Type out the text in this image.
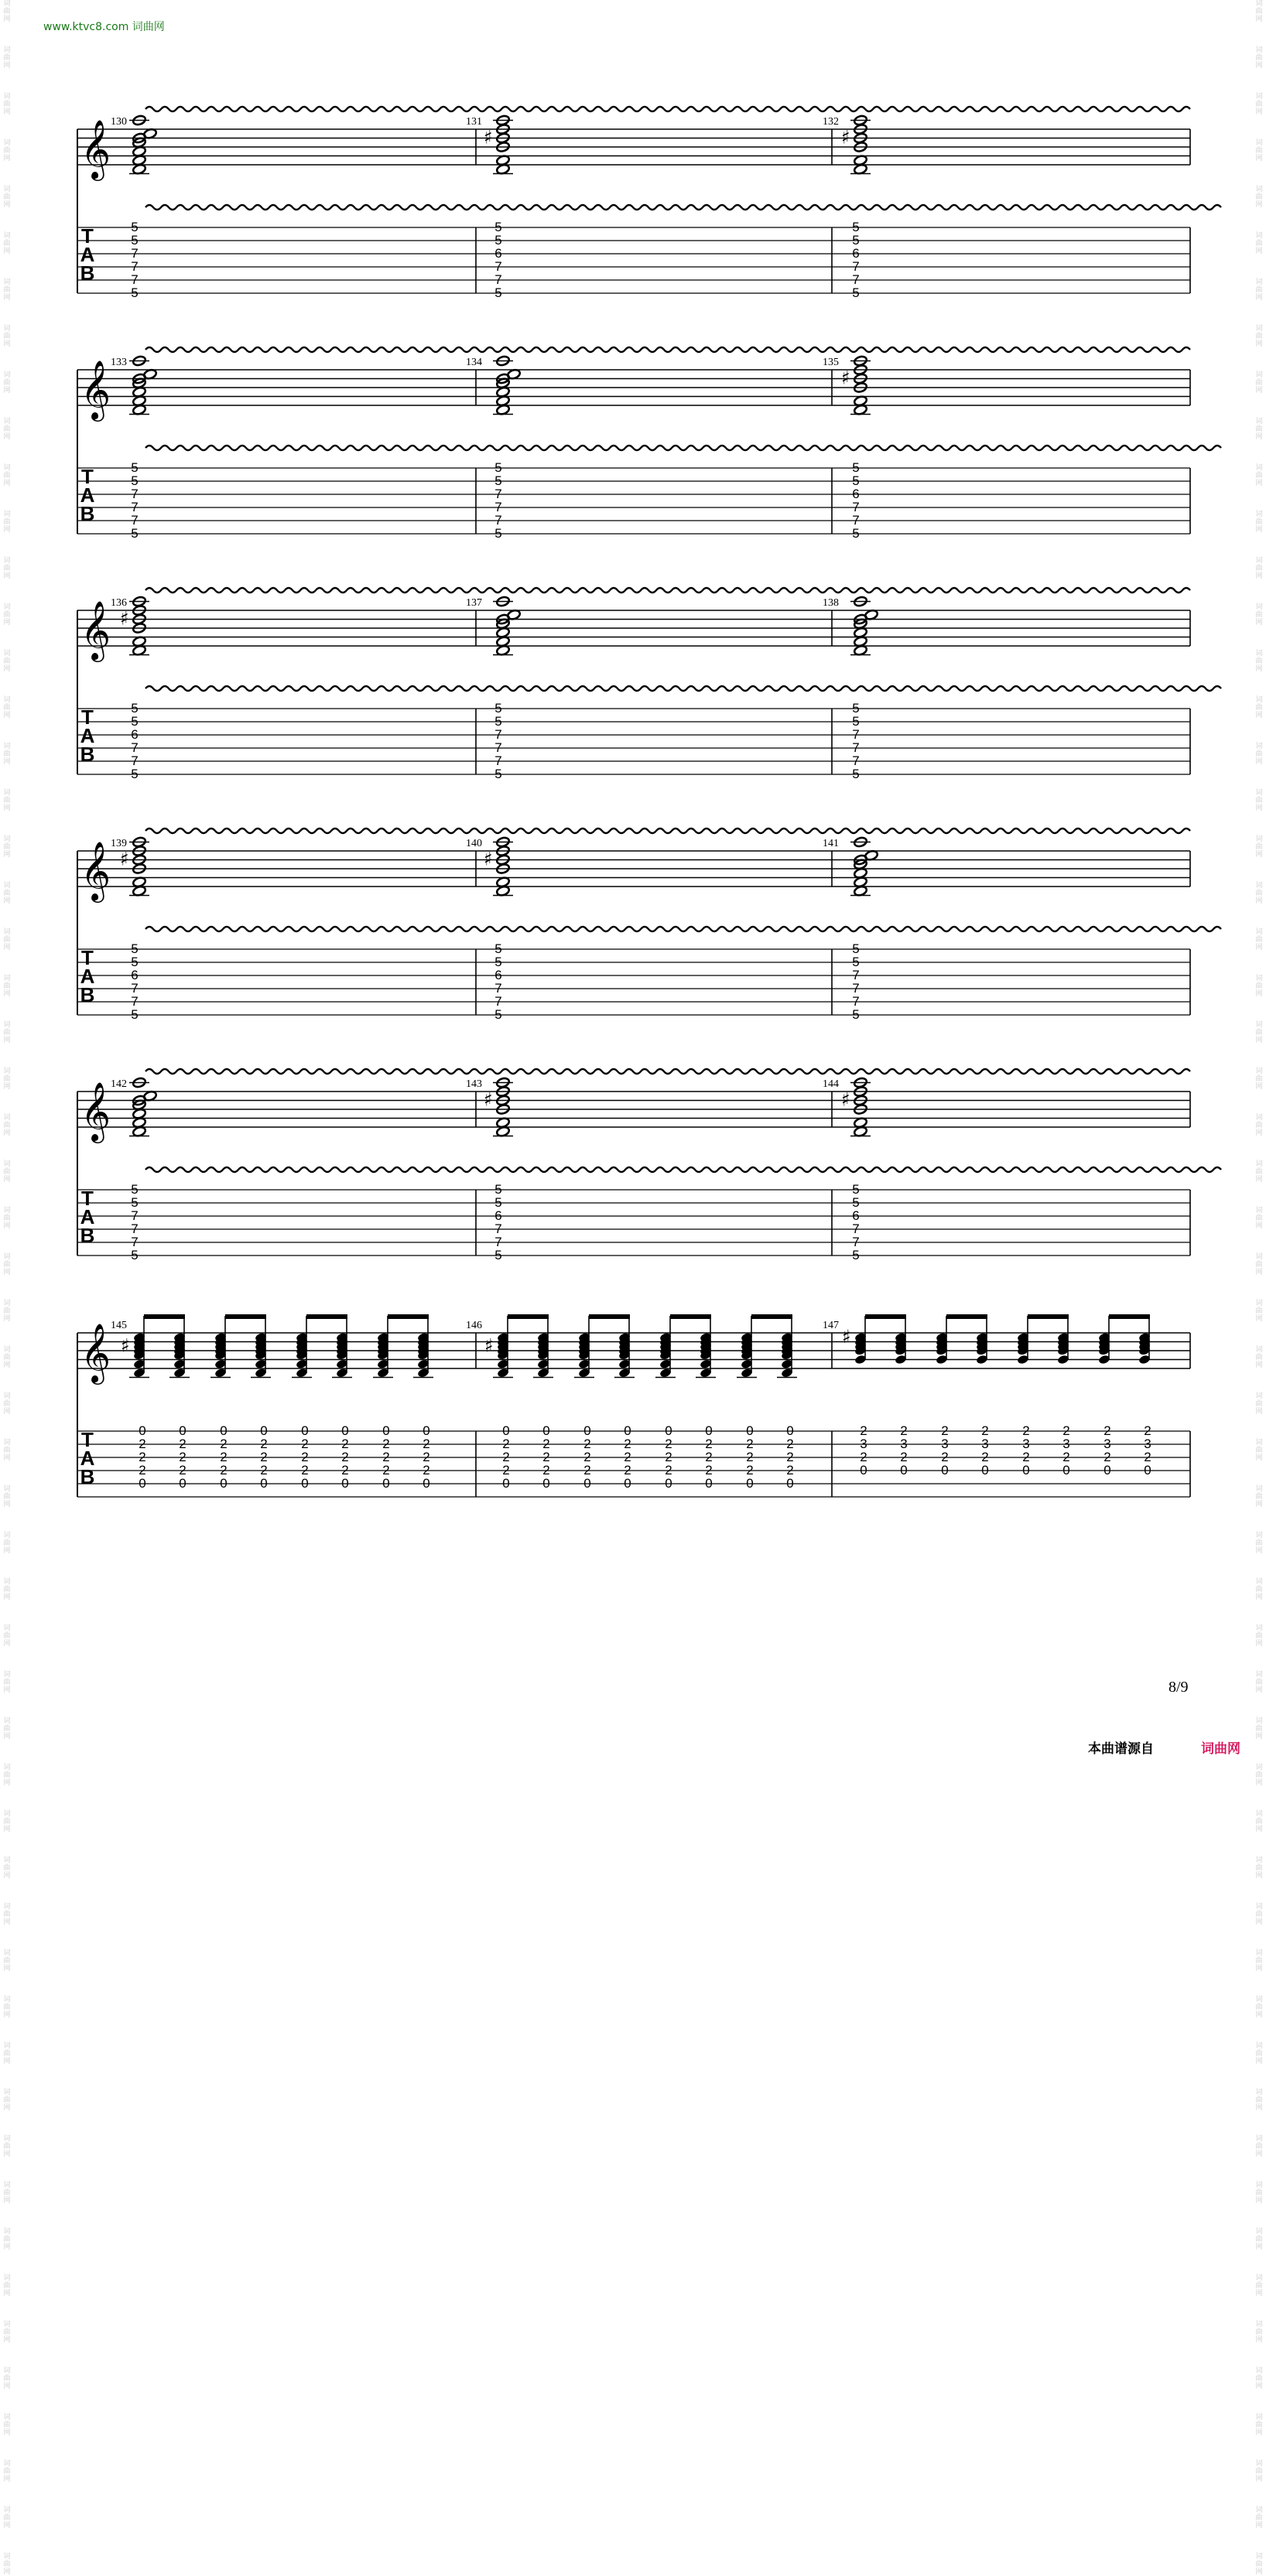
词
曲
网
词
曲
网
词
曲
网
词
曲
网
词
曲
网
词
曲
网
词
曲
网
词
曲
网
词
曲
网
词
曲
网
词
曲
网
词
曲
网
词
曲
网
词
曲
网
词
曲
网
词
曲
网
词
曲
网
词
曲
网
词
曲
网
词
曲
网
词
曲
网
词
曲
网
词
曲
网
词
曲
网
词
曲
网
词
曲
网
词
曲
网
词
曲
网
词
曲
网
词
曲
网
词
曲
网
词
曲
网
词
曲
网
词
曲
网
词
曲
网
词
曲
网
词
曲
网
词
曲
网
词
曲
网
词
曲
网
词
曲
网
词
曲
网
词
曲
网
词
曲
网
词
曲
网
词
曲
网
词
曲
网
词
曲
网
词
曲
网
词
曲
网
词
曲
网
词
曲
网
词
曲
网
词
曲
网
词
曲
网
词
曲
网
词
曲
网
词
曲
网
词
曲
网
词
曲
网
词
曲
网
词
曲
网
词
曲
网
词
曲
网
词
曲
网
词
曲
网
词
曲
网
词
曲
网
词
曲
网
词
曲
网
词
曲
网
词
曲
网
词
曲
网
词
曲
网
词
曲
网
词
曲
网
词
曲
网
词
曲
网
词
曲
网
词
曲
网
词
曲
网
词
曲
网
词
曲
网
词
曲
网
词
曲
网
词
曲
网
词
曲
网
词
曲
网
词
曲
网
词
曲
网
词
曲
网
词
曲
网
词
曲
网
词
曲
网
词
曲
网
词
曲
网
词
曲
网
词
曲
网
词
曲
网
词
曲
网
词
曲
网
词
曲
网
词
曲
网
词
曲
网
词
曲
网
词
曲
网
词
曲
网
词
曲
网
词
曲
网
词
曲
网
词
曲
网
词
曲
网
www.ktvc8.com 词曲网
𝄞
T
A
B
130
5
5
7
7
7
5
131
♯
5
5
6
7
7
5
132
♯
5
5
6
7
7
5
𝄞
T
A
B
133
5
5
7
7
7
5
134
5
5
7
7
7
5
135
♯
5
5
6
7
7
5
𝄞
T
A
B
136
♯
5
5
6
7
7
5
137
5
5
7
7
7
5
138
5
5
7
7
7
5
𝄞
T
A
B
139
♯
5
5
6
7
7
5
140
♯
5
5
6
7
7
5
141
5
5
7
7
7
5
𝄞
T
A
B
142
5
5
7
7
7
5
143
♯
5
5
6
7
7
5
144
♯
5
5
6
7
7
5
𝄞
T
A
B
145
♯
0
2
2
2
0
0
2
2
2
0
0
2
2
2
0
0
2
2
2
0
0
2
2
2
0
0
2
2
2
0
0
2
2
2
0
0
2
2
2
0
146
♯
0
2
2
2
0
0
2
2
2
0
0
2
2
2
0
0
2
2
2
0
0
2
2
2
0
0
2
2
2
0
0
2
2
2
0
0
2
2
2
0
147
♯
2
3
2
0
2
3
2
0
2
3
2
0
2
3
2
0
2
3
2
0
2
3
2
0
2
3
2
0
2
3
2
0
8/9
本曲谱源自	词曲网
